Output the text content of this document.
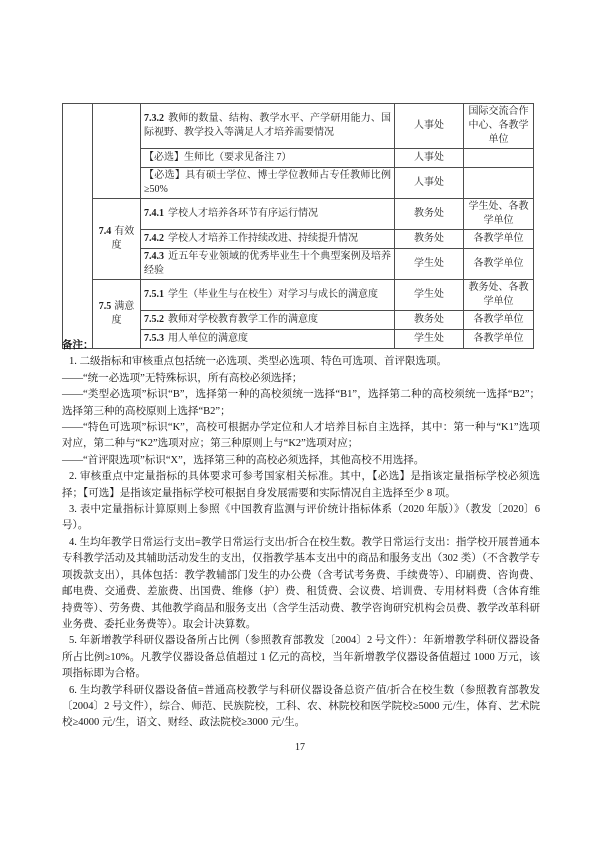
		7.3.2 教师的数量、结构、教学水平、产学研用能力、国际视野、教学投入等满足人才培养需要情况	人事处	国际交流合作中心、各教学单位
		【必选】生师比（要求见备注 7）	人事处	
		【必选】具有硕士学位、博士学位教师占专任教师比例≥50%	人事处	
	7.4 有效度	7.4.1 学校人才培养各环节有序运行情况	教务处	学生处、各教学单位
		7.4.2 学校人才培养工作持续改进、持续提升情况	教务处	各教学单位
		7.4.3 近五年专业领域的优秀毕业生十个典型案例及培养经验	学生处	各教学单位
	7.5 满意度	7.5.1 学生（毕业生与在校生）对学习与成长的满意度	学生处	教务处、各教学单位
		7.5.2 教师对学校教育教学工作的满意度	教务处	各教学单位
		7.5.3 用人单位的满意度	学生处	各教学单位

备注：

1. 二级指标和审核重点包括统一必选项、类型必选项、特色可选项、首评限选项。

——“统一必选项”无特殊标识，所有高校必须选择；

——“类型必选项”标识“B”，选择第一种的高校须统一选择“B1”，选择第二种的高校须统一选择“B2”；选择第三种的高校原则上选择“B2”；

——“特色可选项”标识“K”，高校可根据办学定位和人才培养目标自主选择，其中：第一种与“K1”选项对应，第二种与“K2”选项对应；第三种原则上与“K2”选项对应；

——“首评限选项”标识“X”，选择第三种的高校必须选择，其他高校不用选择。

2. 审核重点中定量指标的具体要求可参考国家相关标准。其中，【必选】是指该定量指标学校必须选择；【可选】是指该定量指标学校可根据自身发展需要和实际情况自主选择至少 8 项。

3. 表中定量指标计算原则上参照《中国教育监测与评价统计指标体系（2020 年版）》（教发〔2020〕6 号）。

4. 生均年教学日常运行支出=教学日常运行支出/折合在校生数。教学日常运行支出：指学校开展普通本专科教学活动及其辅助活动发生的支出，仅指教学基本支出中的商品和服务支出（302 类）（不含教学专项拨款支出），具体包括：教学教辅部门发生的办公费（含考试考务费、手续费等）、印刷费、咨询费、邮电费、交通费、差旅费、出国费、维修（护）费、租赁费、会议费、培训费、专用材料费（含体育维持费等）、劳务费、其他教学商品和服务支出（含学生活动费、教学咨询研究机构会员费、教学改革科研业务费、委托业务费等）。取会计决算数。

5. 年新增教学科研仪器设备所占比例（参照教育部教发〔2004〕2 号文件）：年新增教学科研仪器设备所占比例≥10%。凡教学仪器设备总值超过 1 亿元的高校，当年新增教学仪器设备值超过 1000 万元，该项指标即为合格。

6. 生均教学科研仪器设备值=普通高校教学与科研仪器设备总资产值/折合在校生数（参照教育部教发〔2004〕2 号文件），综合、师范、民族院校，工科、农、林院校和医学院校≥5000 元/生，体育、艺术院校≥4000 元/生，语文、财经、政法院校≥3000 元/生。

17
